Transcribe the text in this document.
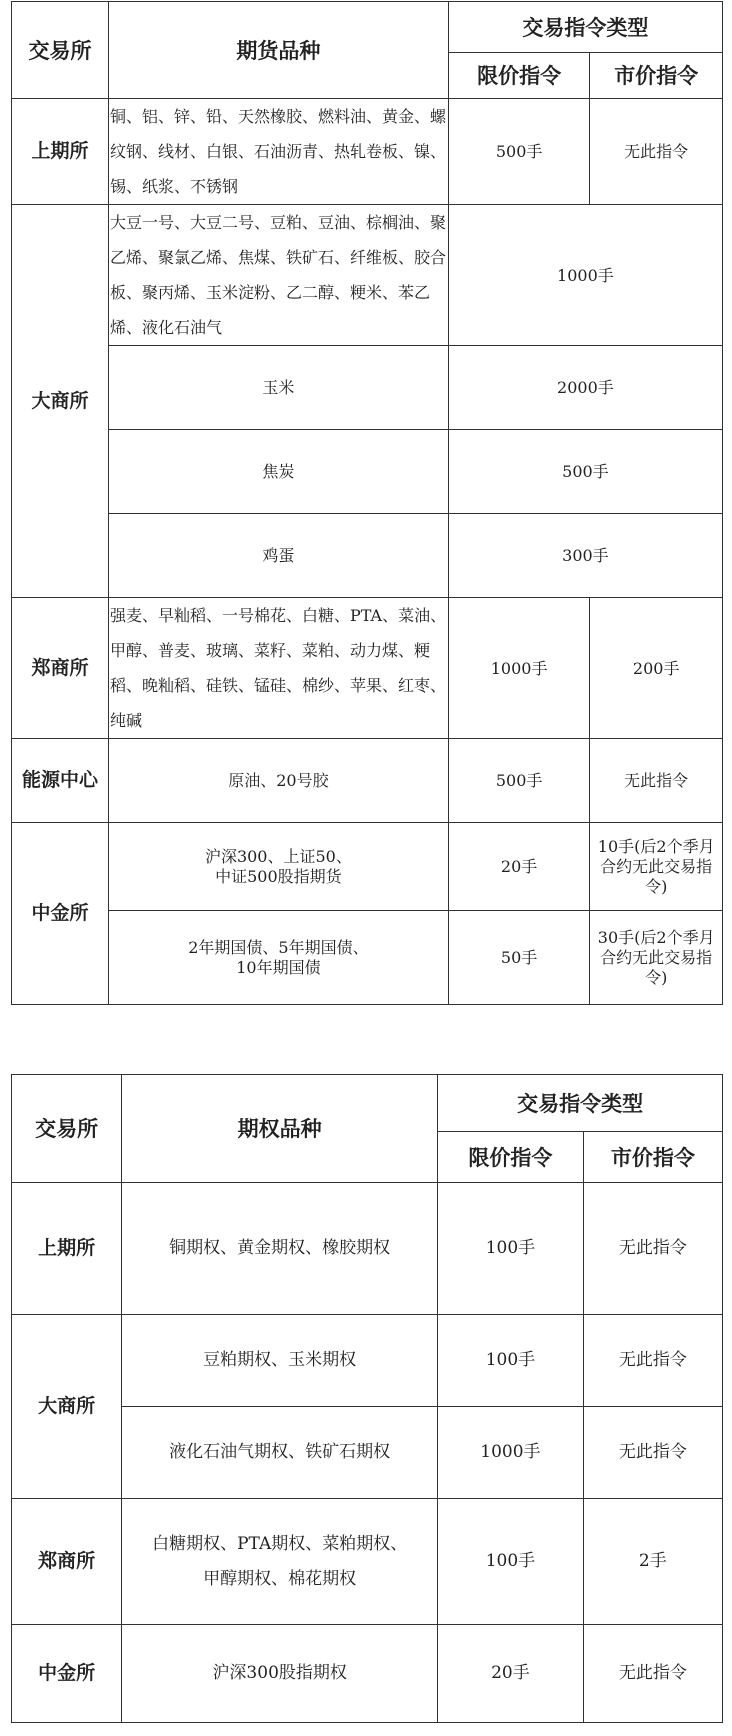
交易所	期货品种	交易指令类型	
		限价指令	市价指令
上期所	铜、铝、锌、铅、天然橡胶、燃料油、黄金、螺纹钢、线材、白银、石油沥青、热轧卷板、镍、锡、纸浆、不锈钢	500手	无此指令
大商所	大豆一号、大豆二号、豆粕、豆油、棕榈油、聚乙烯、聚氯乙烯、焦煤、铁矿石、纤维板、胶合板、聚丙烯、玉米淀粉、乙二醇、粳米、苯乙烯、液化石油气	1000手	
	玉米	2000手	
	焦炭	500手	
	鸡蛋	300手	
郑商所	强麦、早籼稻、一号棉花、白糖、PTA、菜油、甲醇、普麦、玻璃、菜籽、菜粕、动力煤、粳稻、晚籼稻、硅铁、锰硅、棉纱、苹果、红枣、纯碱	1000手	200手
能源中心	原油、20号胶	500手	无此指令
中金所	沪深300、上证50、
中证500股指期货	20手	10手(后2个季月合约无此交易指令)

	2年期国债、5年期国债、
10年期国债	50手	30手(后2个季月合约无此交易指令)
交易所	期权品种	交易指令类型	
		限价指令	市价指令
上期所	铜期权、黄金期权、橡胶期权	100手	无此指令
大商所	豆粕期权、玉米期权	100手	无此指令
	液化石油气期权、铁矿石期权	1000手	无此指令
郑商所	白糖期权、PTA期权、菜粕期权、
甲醇期权、棉花期权	100手	2手
中金所	沪深300股指期权	20手	无此指令
